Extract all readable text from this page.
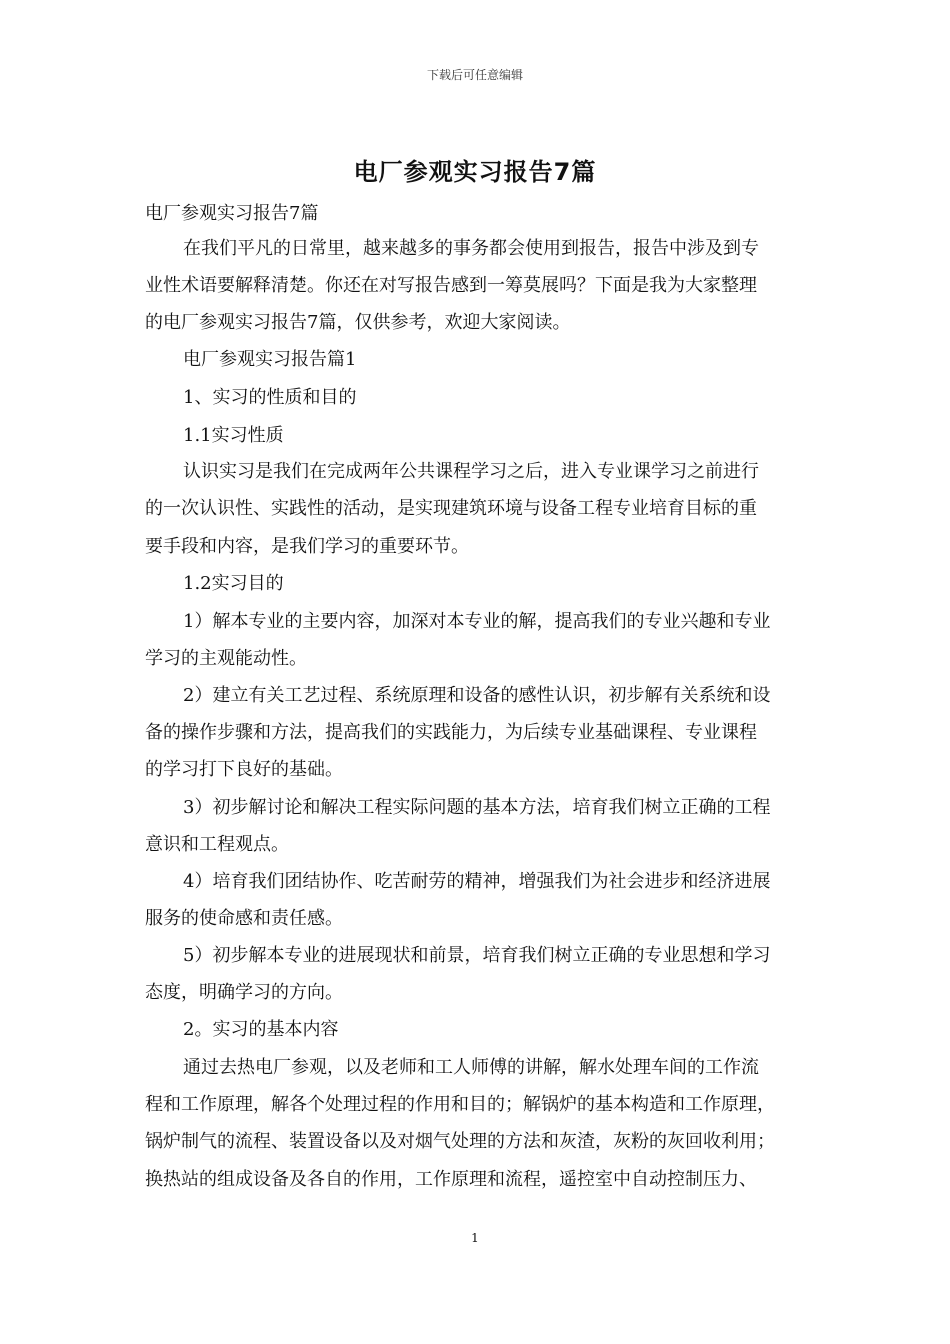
下载后可任意编辑
电厂参观实习报告7篇
电厂参观实习报告7篇
在我们平凡的日常里，越来越多的事务都会使用到报告，报告中涉及到专
业性术语要解释清楚。你还在对写报告感到一筹莫展吗？下面是我为大家整理
的电厂参观实习报告7篇，仅供参考，欢迎大家阅读。
电厂参观实习报告篇1
1、实习的性质和目的
1.1实习性质
认识实习是我们在完成两年公共课程学习之后，进入专业课学习之前进行
的一次认识性、实践性的活动，是实现建筑环境与设备工程专业培育目标的重
要手段和内容，是我们学习的重要环节。
1.2实习目的
1）解本专业的主要内容，加深对本专业的解，提高我们的专业兴趣和专业
学习的主观能动性。
2）建立有关工艺过程、系统原理和设备的感性认识，初步解有关系统和设
备的操作步骤和方法，提高我们的实践能力，为后续专业基础课程、专业课程
的学习打下良好的基础。
3）初步解讨论和解决工程实际问题的基本方法，培育我们树立正确的工程
意识和工程观点。
4）培育我们团结协作、吃苦耐劳的精神，增强我们为社会进步和经济进展
服务的使命感和责任感。
5）初步解本专业的进展现状和前景，培育我们树立正确的专业思想和学习
态度，明确学习的方向。
2。实习的基本内容
通过去热电厂参观，以及老师和工人师傅的讲解，解水处理车间的工作流
程和工作原理，解各个处理过程的作用和目的；解锅炉的基本构造和工作原理，
锅炉制气的流程、装置设备以及对烟气处理的方法和灰渣，灰粉的灰回收利用；
换热站的组成设备及各自的作用，工作原理和流程，遥控室中自动控制压力、
1
